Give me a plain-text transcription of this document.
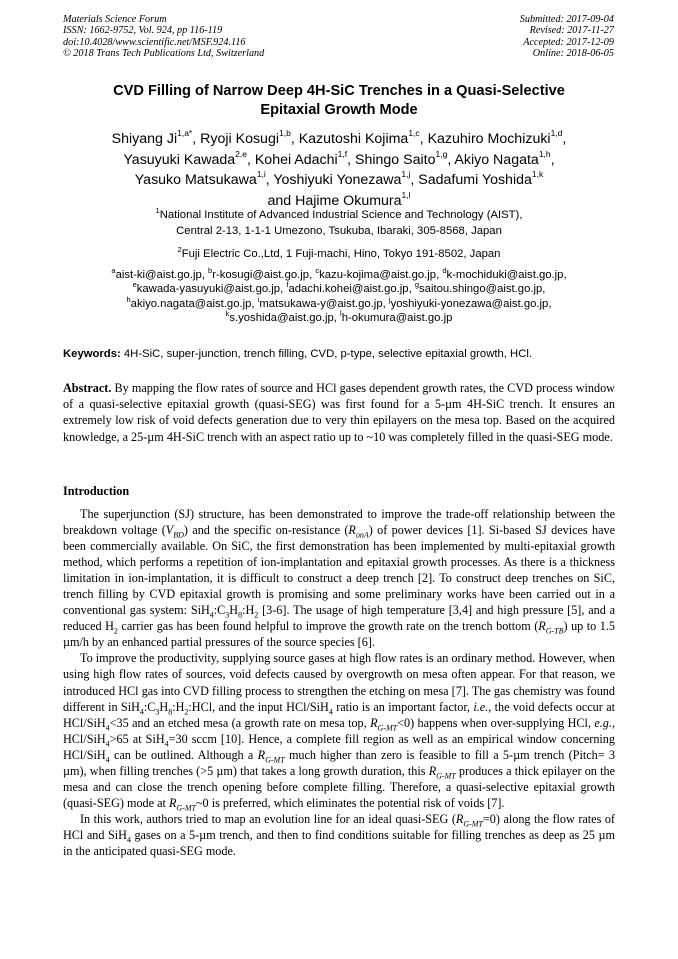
Materials Science Forum
ISSN: 1662-9752, Vol. 924, pp 116-119
doi:10.4028/www.scientific.net/MSF.924.116
© 2018 Trans Tech Publications Ltd, Switzerland
Submitted: 2017-09-04
Revised: 2017-11-27
Accepted: 2017-12-09
Online: 2018-06-05
CVD Filling of Narrow Deep 4H-SiC Trenches in a Quasi-Selective
Epitaxial Growth Mode
Shiyang $Ji^{1,a*}$, Ryoji Kosugi$^{1,b}$, Kazutoshi Kojima$^{1,c}$, Kazuhiro Mochizuki$^{1,d}$,
Yasuyuki Kawada$^{2,e}$, Kohei Adachi$^{1,f}$, Shingo Saito$^{1,g}$, Akiyo Nagata$^{1,h}$,
Yasuko Matsukawa$^{1,i}$, Yoshiyuki Yonezawa$^{1,j}$, Sadafumi Yoshida$^{1,k}$
and Hajime Okumura$^{1,l}$
$^1$National Institute of Advanced Industrial Science and Technology (AIST),
Central 2-13, 1-1-1 Umezono, Tsukuba, Ibaraki, 305-8568, Japan
$^2$Fuji Electric Co.,Ltd, 1 Fuji-machi, Hino, Tokyo 191-8502, Japan
$^a$aist-ki@aist.go.jp, $^b$r-kosugi@aist.go.jp, $^c$kazu-kojima@aist.go.jp, $^d$k-mochiduki@aist.go.jp,
$^e$kawada-yasuyuki@aist.go.jp, $^f$adachi.kohei@aist.go.jp, $^g$saitou.shingo@aist.go.jp,
$^h$akiyo.nagata@aist.go.jp, $^i$matsukawa-y@aist.go.jp, $^j$yoshiyuki-yonezawa@aist.go.jp,
$^k$s.yoshida@aist.go.jp, $^l$h-okumura@aist.go.jp
Keywords: 4H-SiC, super-junction, trench filling, CVD, p-type, selective epitaxial growth, HCl.
Abstract. By mapping the flow rates of source and HCl gases dependent growth rates, the CVD process window of a quasi-selective epitaxial growth (quasi-SEG) was first found for a 5-µm 4H-SiC trench. It ensures an extremely low risk of void defects generation due to very thin epilayers on the mesa top. Based on the acquired knowledge, a 25-µm 4H-SiC trench with an aspect ratio up to ~10 was completely filled in the quasi-SEG mode.
Introduction

The superjunction (SJ) structure, has been demonstrated to improve the trade-off relationship between the breakdown voltage $(V_{BD})$ and the specific on-resistance $(R_{onA})$ of power devices [1]. Si-based SJ devices have been commercially available. On SiC, the first demonstration has been implemented by multi-epitaxial growth method, which performs a repetition of ion-implantation and epitaxial growth processes. As there is a thickness limitation in ion-implantation, it is difficult to construct a deep trench [2]. To construct deep trenches on SiC, trench filling by CVD epitaxial growth is promising and some preliminary works have been carried out in a conventional gas system: $SiH_4:C_3H_8:H_2$ [3-6]. The usage of high temperature [3,4] and high pressure [5], and a reduced $H_2$ carrier gas has been found helpful to improve the growth rate on the trench bottom $(R_{G-TB})$ up to 1.5 µm/h by an enhanced partial pressures of the source species [6].

To improve the productivity, supplying source gases at high flow rates is an ordinary method. However, when using high flow rates of sources, void defects caused by overgrowth on mesa often appear. For that reason, we introduced HCl gas into CVD filling process to strengthen the etching on mesa [7]. The gas chemistry was found different in $SiH_4:C_3H_8:H_2:HCl$, and the input HCl/SiH$_4$ ratio is an important factor, i.e., the void defects occur at HCl/SiH$_4$<35 and an etched mesa (a growth rate on mesa top, $R_{G-MT}<0$) happens when over-supplying HCl, e.g., HCl/SiH$_4$>65 at SiH$_4$=30 sccm [10]. Hence, a complete fill region as well as an empirical window concerning HCl/SiH$_4$ can be outlined. Although a $R_{G-MT}$ much higher than zero is feasible to fill a 5-µm trench (Pitch= 3 µm), when filling trenches (>5 µm) that takes a long growth duration, this $R_{G-MT}$ produces a thick epilayer on the mesa and can close the trench opening before complete filling. Therefore, a quasi-selective epitaxial growth (quasi-SEG) mode at $R_{G-MT}\sim 0$ is preferred, which eliminates the potential risk of voids [7].

In this work, authors tried to map an evolution line for an ideal quasi-SEG $(R_{G-MT}=0)$ along the flow rates of HCl and SiH$_4$ gases on a 5-µm trench, and then to find conditions suitable for filling trenches as deep as 25 µm in the anticipated quasi-SEG mode.
